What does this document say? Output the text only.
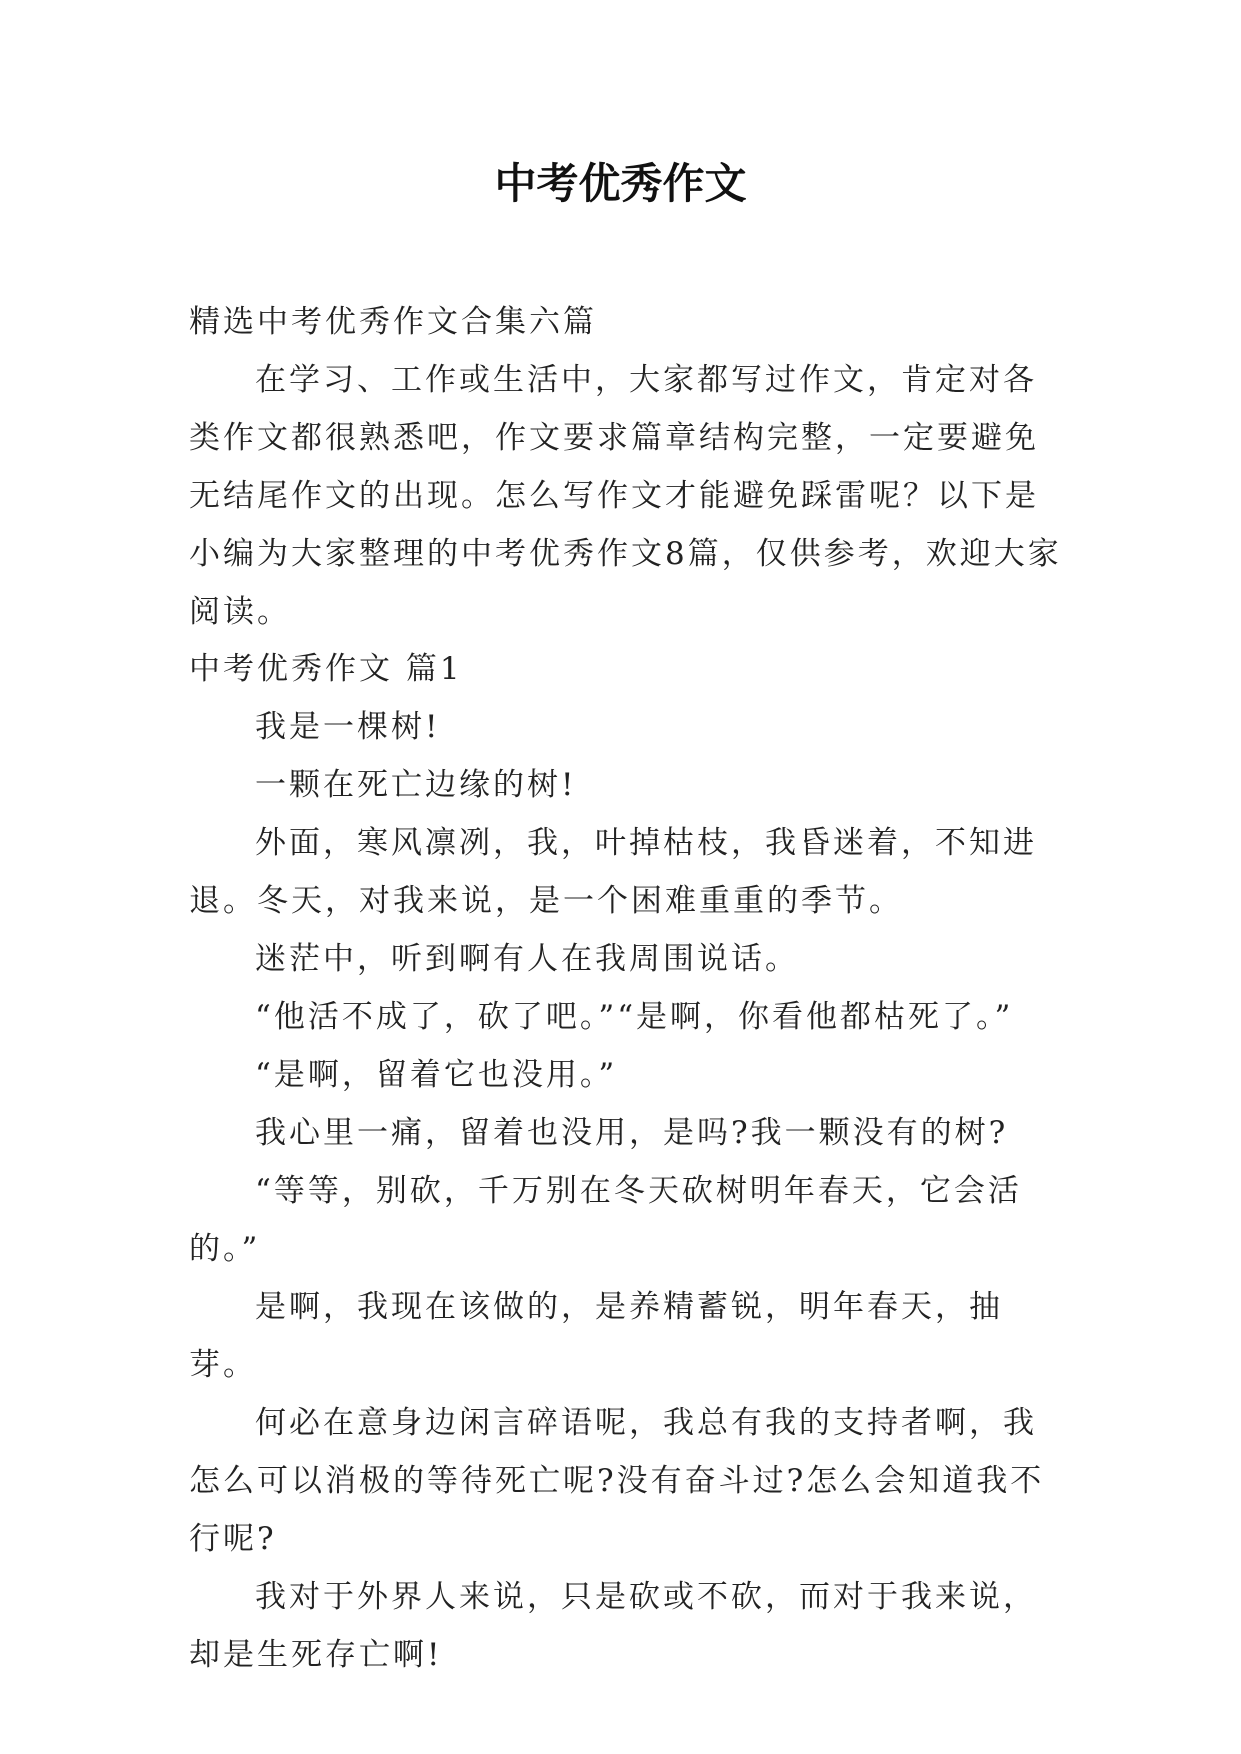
中考优秀作文

精选中考优秀作文合集六篇

在学习、工作或生活中，大家都写过作文，肯定对各类作文都很熟悉吧，作文要求篇章结构完整，一定要避免无结尾作文的出现。怎么写作文才能避免踩雷呢？以下是小编为大家整理的中考优秀作文8篇，仅供参考，欢迎大家阅读。

中考优秀作文 篇1

我是一棵树!

一颗在死亡边缘的树!

外面，寒风凛冽，我，叶掉枯枝，我昏迷着，不知进退。冬天，对我来说，是一个困难重重的季节。

迷茫中，听到啊有人在我周围说话。

“他活不成了，砍了吧。”“是啊，你看他都枯死了。”

“是啊，留着它也没用。”

我心里一痛，留着也没用，是吗?我一颗没有的树?

“等等，别砍，千万别在冬天砍树明年春天，它会活的。”

是啊，我现在该做的，是养精蓄锐，明年春天，抽芽。

何必在意身边闲言碎语呢，我总有我的支持者啊，我怎么可以消极的等待死亡呢?没有奋斗过?怎么会知道我不行呢?

我对于外界人来说，只是砍或不砍，而对于我来说，却是生死存亡啊!
